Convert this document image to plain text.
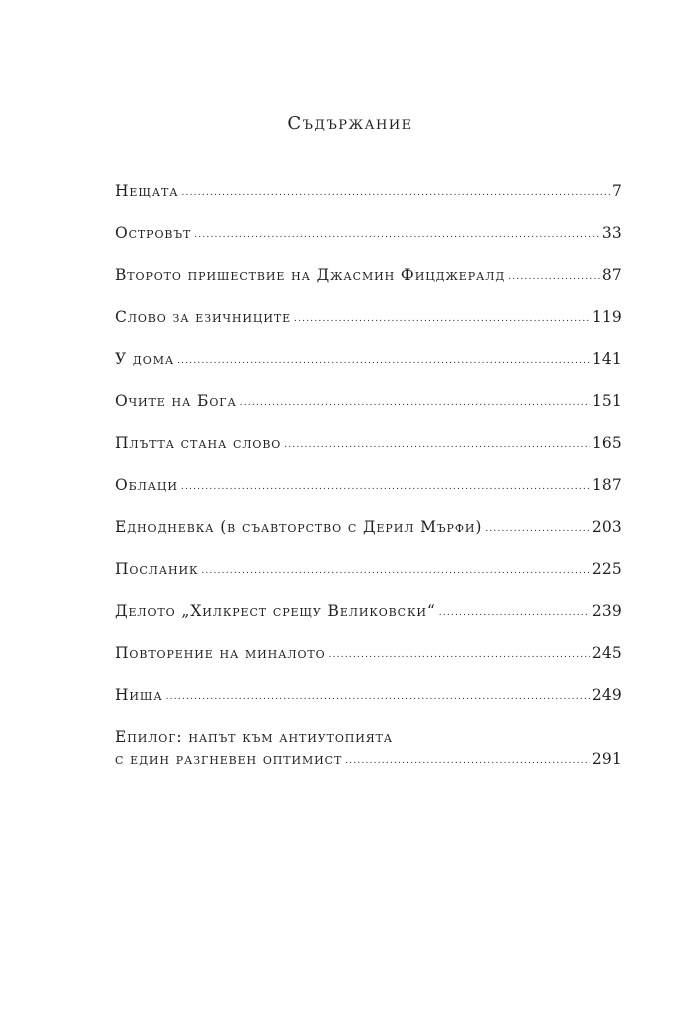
Съдържание
Нещата .....	7
Островът .....	33
Второто пришествие на Джасмин Фицджералд .....	87
Слово за езичниците .....	119
У дома .....	141
Очите на Бога .....	151
Плътта стана слово .....	165
Облаци .....	187
Еднодневка (в съавторство с Дерил Мърфи) .....	203
Посланик .....	225
Делото „Хилкрест срещу Великовски“ .....	239
Повторение на миналото .....	245
Ниша .....	249
Епилог: напът към антиутопията
с един разгневен оптимист .....	291
